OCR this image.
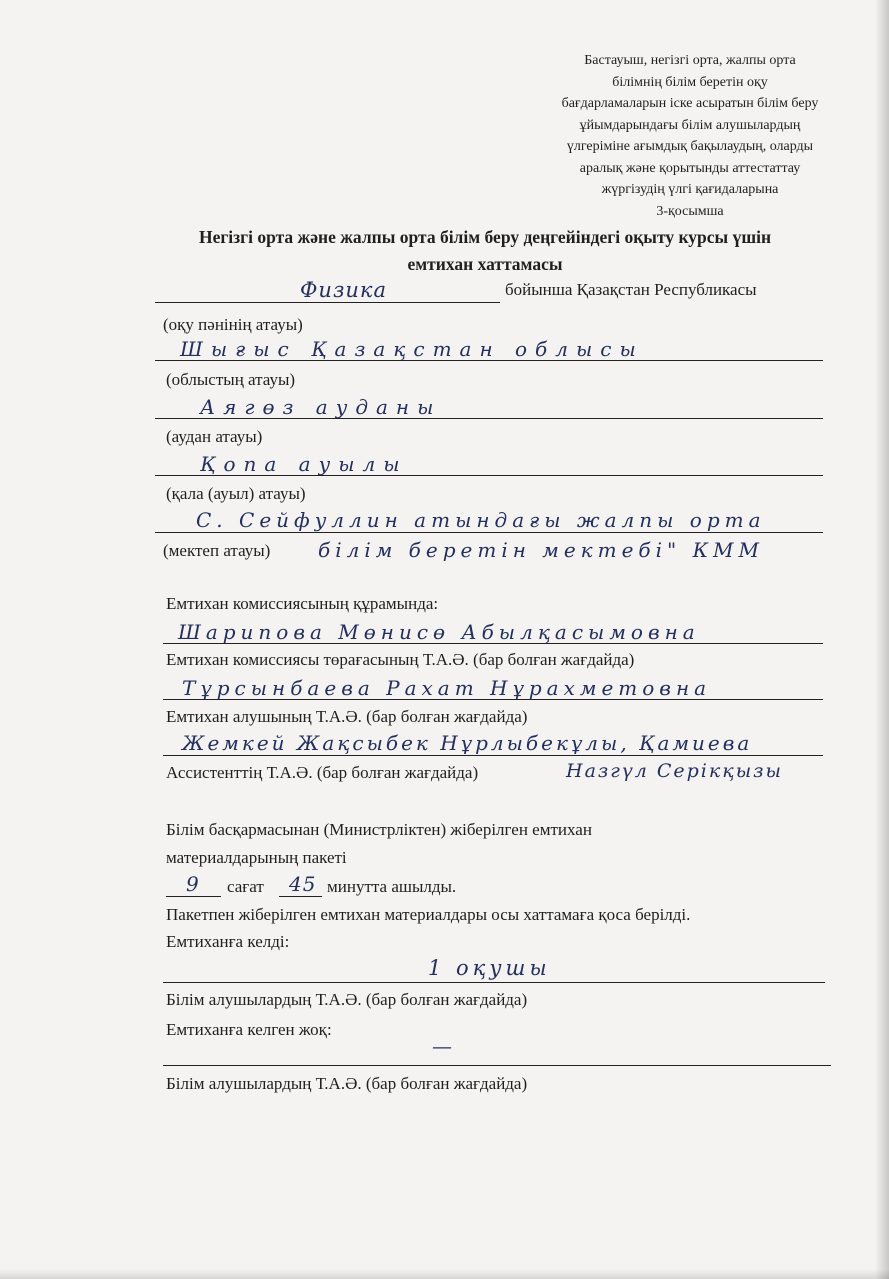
Бастауыш, негізгі орта, жалпы орта
білімнің білім беретін оқу
бағдарламаларын іске асыратын білім беру
ұйымдарындағы білім алушылардың
үлгеріміне ағымдық бақылаудың, оларды
аралық және қорытынды аттестаттау
жүргізудің үлгі қағидаларына
3-қосымша
Негізгі орта және жалпы орта білім беру деңгейіндегі оқыту курсы үшін
емтихан хаттамасы
Физика	бойынша Қазақстан Республикасы
(оқу пәнінің атауы)
Шығыс Қазақстан облысы
(облыстың атауы)
Аягөз ауданы
(аудан атауы)
Қопа ауылы
(қала (ауыл) атауы)
С. Сейфуллин атындағы жалпы орта
(мектеп атауы) білім беретін мектебі" КММ
Емтихан комиссиясының құрамында:
Шарипова Мөнисө Абылқасымовна
Емтихан комиссиясы төрағасының Т.А.Ә. (бар болған жағдайда)
Тұрсынбаева Рахат Нұрахметовна
Емтихан алушының Т.А.Ә. (бар болған жағдайда)
Жемкей Жақсыбек Нұрлыбекұлы, Қамиева
Ассистенттің Т.А.Ә. (бар болған жағдайда)	Назгүл Серікқызы
Білім басқармасынан (Министрліктен) жіберілген емтихан
материалдарының пакеті
9 сағат 45 минутта ашылды.
Пакетпен жіберілген емтихан материалдары осы хаттамаға қоса берілді.
Емтиханға келді:
1 оқушы
Білім алушылардың Т.А.Ә. (бар болған жағдайда)
Емтиханға келген жоқ:
—
Білім алушылардың Т.А.Ә. (бар болған жағдайда)
